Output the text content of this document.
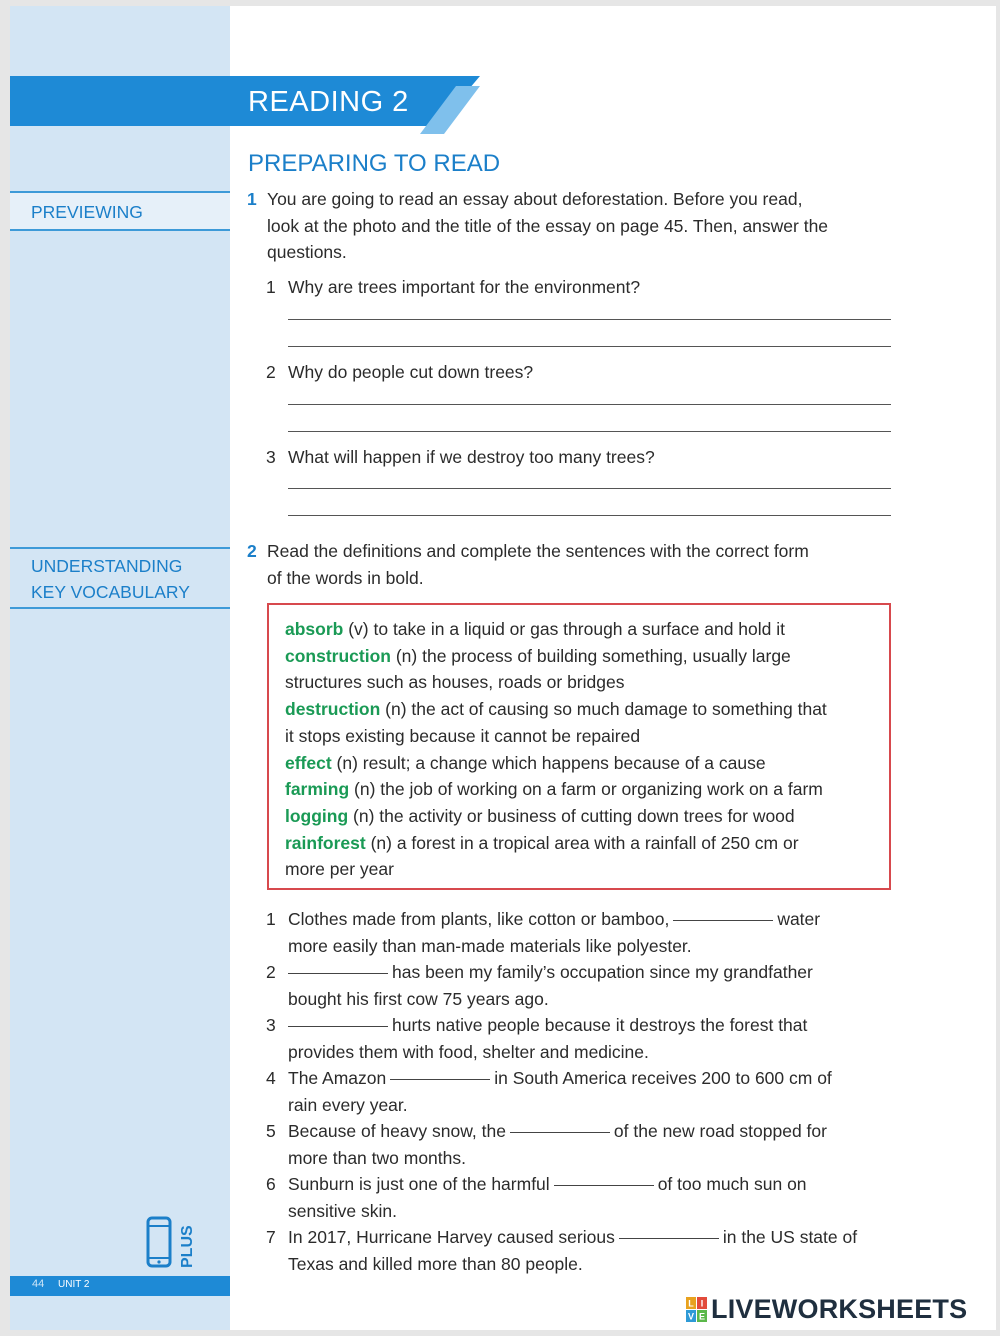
READING 2
PREPARING TO READ
PREVIEWING
UNDERSTANDING
KEY VOCABULARY
1 You are going to read an essay about deforestation. Before you read,
look at the photo and the title of the essay on page 45. Then, answer the
questions.
1 Why are trees important for the environment?
2 Why do people cut down trees?
3 What will happen if we destroy too many trees?
2 Read the definitions and complete the sentences with the correct form
of the words in bold.
absorb (v) to take in a liquid or gas through a surface and hold it
construction (n) the process of building something, usually large
structures such as houses, roads or bridges
destruction (n) the act of causing so much damage to something that
it stops existing because it cannot be repaired
effect (n) result; a change which happens because of a cause
farming (n) the job of working on a farm or organizing work on a farm
logging (n) the activity or business of cutting down trees for wood
rainforest (n) a forest in a tropical area with a rainfall of 250 cm or
more per year
1 Clothes made from plants, like cotton or bamboo,	water
more easily than man-made materials like polyester.
2	has been my family’s occupation since my grandfather
bought his first cow 75 years ago.
3	hurts native people because it destroys the forest that
provides them with food, shelter and medicine.
4 The Amazon	in South America receives 200 to 600 cm of
rain every year.
5 Because of heavy snow, the	of the new road stopped for
more than two months.
6 Sunburn is just one of the harmful	of too much sun on
sensitive skin.
7 In 2017, Hurricane Harvey caused serious	in the US state of
Texas and killed more than 80 people.
PLUS
44 UNIT 2
L I
V E LIVEWORKSHEETS
